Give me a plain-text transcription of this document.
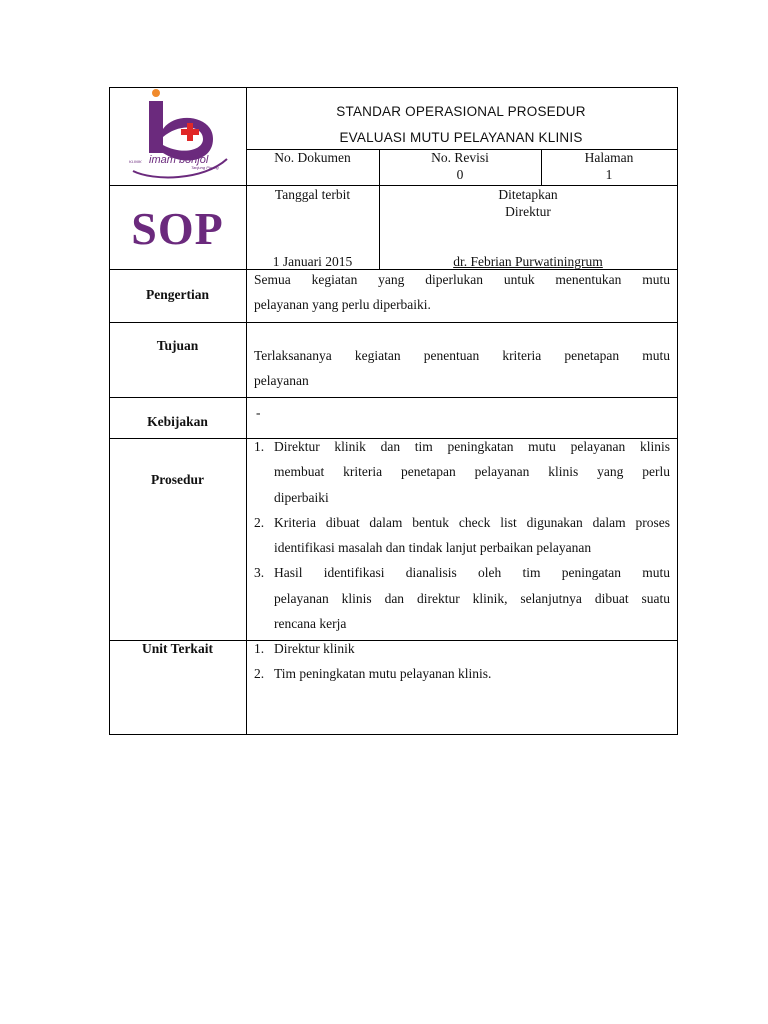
KLINIK imam bonjol
Tanjung Pinang
SOP
STANDAR OPERASIONAL PROSEDUR
EVALUASI MUTU PELAYANAN KLINIS
No. Dokumen	No. Revisi
0
Halaman
1
Tanggal terbit
1 Januari 2015
Ditetapkan
Direktur
dr. Febrian Purwatiningrum
Pengertian
Semua kegiatan yang diperlukan untuk menentukan mutu
pelayanan yang perlu diperbaiki.
Tujuan
Terlaksananya kegiatan penentuan kriteria penetapan mutu
pelayanan
Kebijakan
-
Prosedur
1. Direktur klinik dan tim peningkatan mutu pelayanan klinis
membuat kriteria penetapan pelayanan klinis yang perlu
diperbaiki
2. Kriteria dibuat dalam bentuk check list digunakan dalam proses
identifikasi masalah dan tindak lanjut perbaikan pelayanan
3. Hasil identifikasi dianalisis oleh tim peningatan mutu
pelayanan klinis dan direktur klinik, selanjutnya dibuat suatu
rencana kerja
Unit Terkait	1. Direktur klinik
2. Tim peningkatan mutu pelayanan klinis.
